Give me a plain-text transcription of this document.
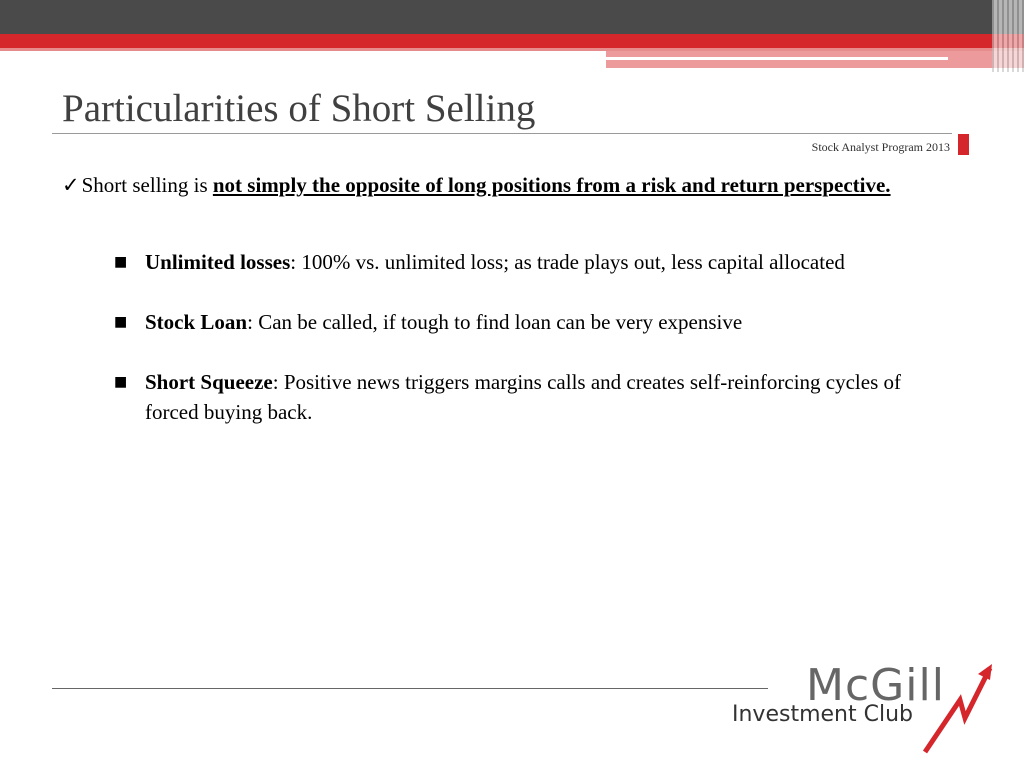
Particularities of Short Selling
Stock Analyst Program 2013

✓Short selling is not simply the opposite of long positions from a risk and return perspective.

■ Unlimited losses: 100% vs. unlimited loss; as trade plays out, less capital allocated
■ Stock Loan: Can be called, if tough to find loan can be very expensive
■ Short Squeeze: Positive news triggers margins calls and creates self-reinforcing cycles of forced buying back.
McGill
Investment Club
